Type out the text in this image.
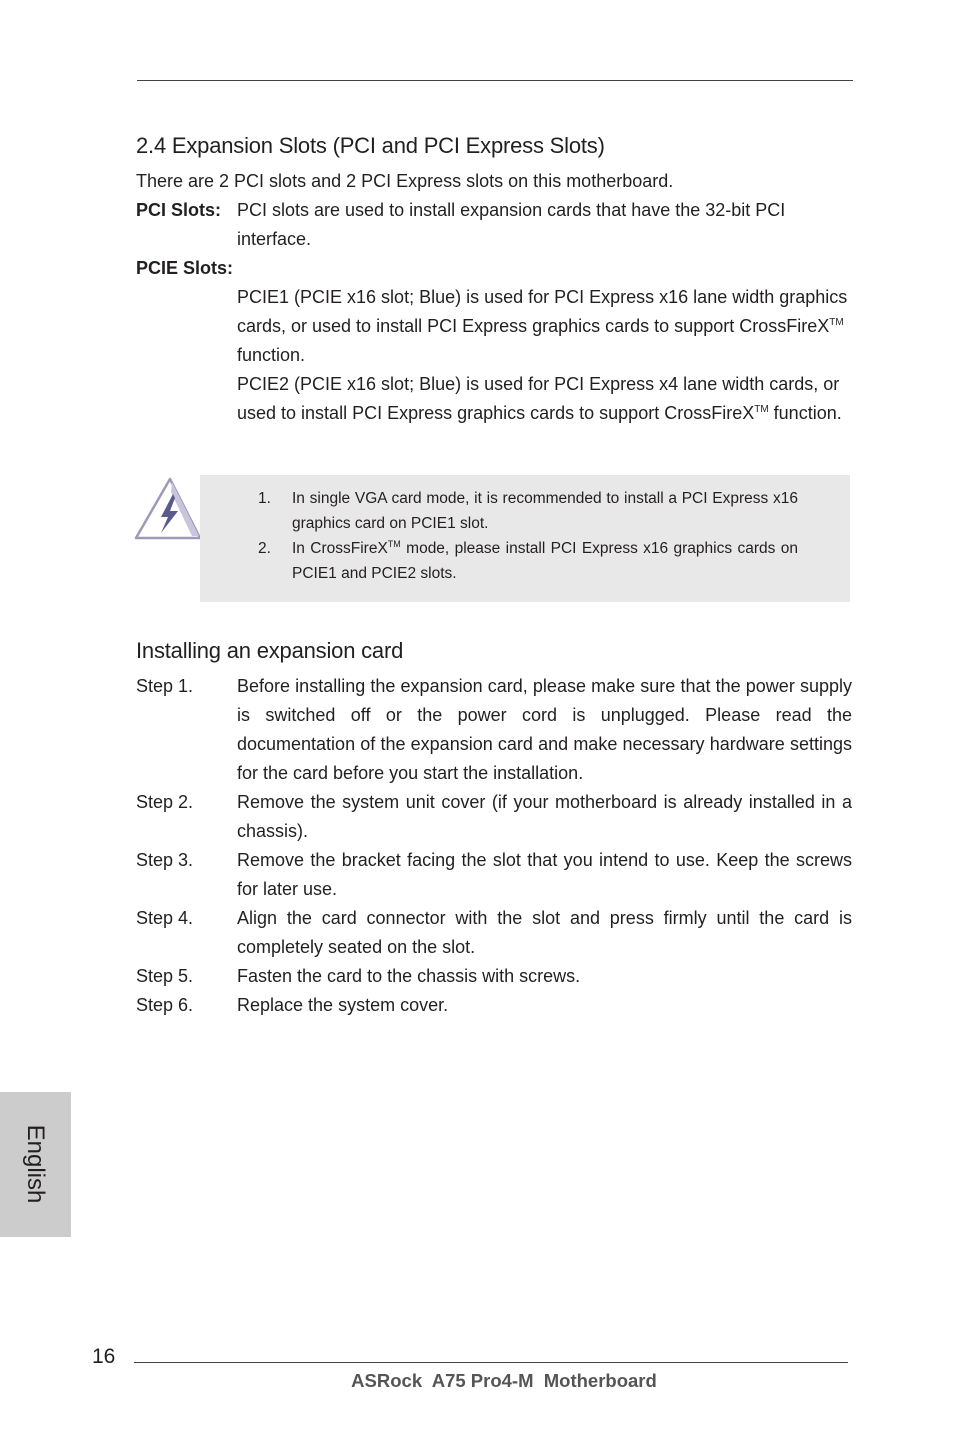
2.4 Expansion Slots (PCI and PCI Express Slots)
There are 2 PCI slots and 2 PCI Express slots on this motherboard.
PCI Slots: PCI slots are used to install expansion cards that have the 32-bit PCI interface.
PCIE Slots:

PCIE1 (PCIE x16 slot; Blue) is used for PCI Express x16 lane width graphics cards, or used to install PCI Express graphics cards to support CrossFireX™ function.

PCIE2 (PCIE x16 slot; Blue) is used for PCI Express x4 lane width cards, or used to install PCI Express graphics cards to support CrossFireX™ function.

1. In single VGA card mode, it is recommended to install a PCI Express x16 graphics card on PCIE1 slot.
2. In CrossFireX™ mode, please install PCI Express x16 graphics cards on PCIE1 and PCIE2 slots.
Installing an expansion card
Step 1. Before installing the expansion card, please make sure that the power supply is switched off or the power cord is unplugged. Please read the documentation of the expansion card and make necessary hardware settings for the card before you start the installation.
Step 2. Remove the system unit cover (if your motherboard is already installed in a chassis).
Step 3. Remove the bracket facing the slot that you intend to use. Keep the screws for later use.
Step 4. Align the card connector with the slot and press firmly until the card is completely seated on the slot.
Step 5. Fasten the card to the chassis with screws.
Step 6. Replace the system cover.
English
16
ASRock  A75 Pro4-M  Motherboard
